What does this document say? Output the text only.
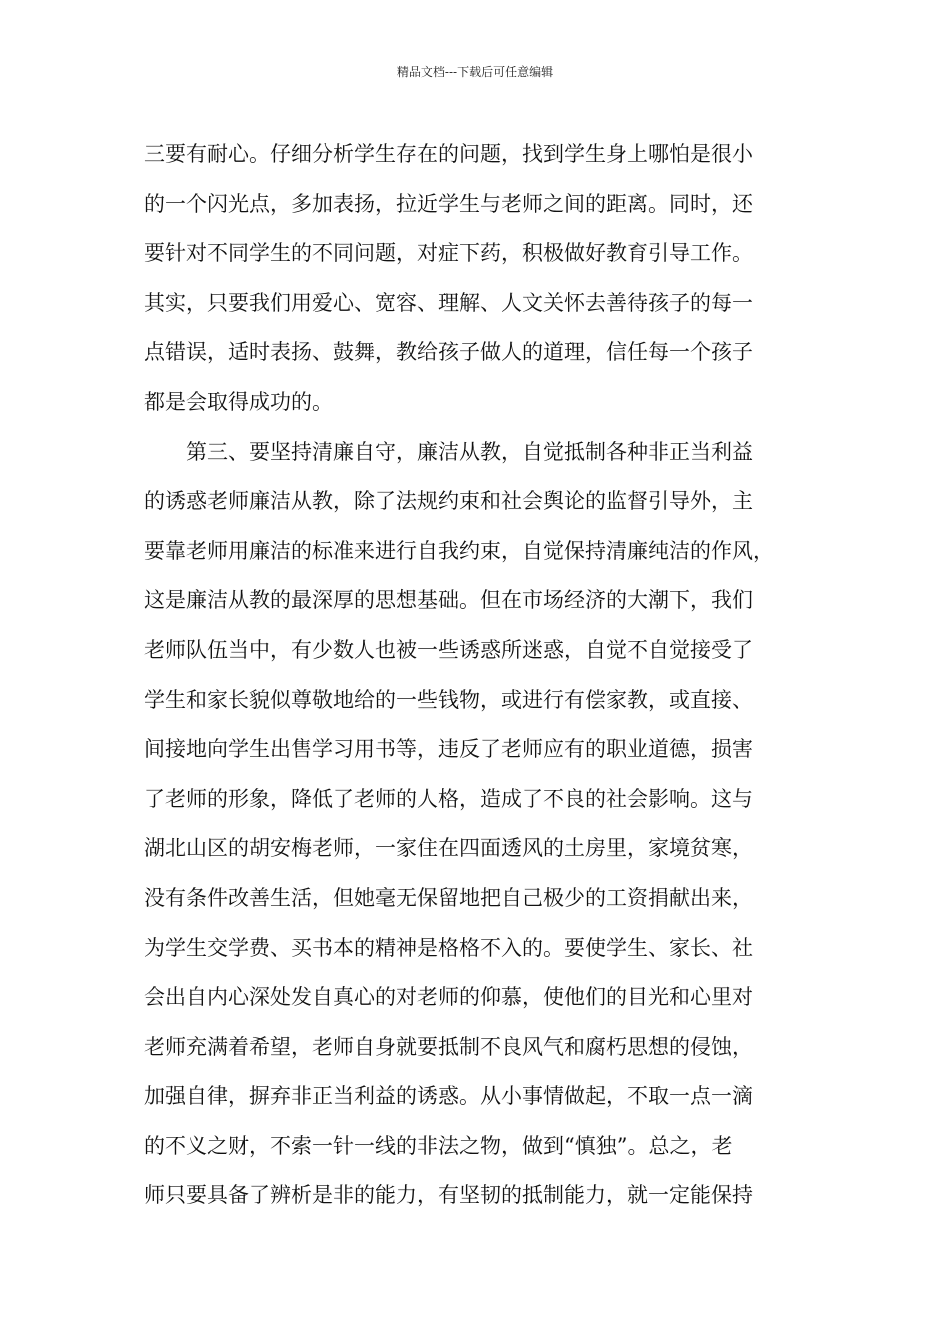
精品文档---下载后可任意编辑
三要有耐心。仔细分析学生存在的问题，找到学生身上哪怕是很小
的一个闪光点，多加表扬，拉近学生与老师之间的距离。同时，还
要针对不同学生的不同问题，对症下药，积极做好教育引导工作。
其实，只要我们用爱心、宽容、理解、人文关怀去善待孩子的每一
点错误，适时表扬、鼓舞，教给孩子做人的道理，信任每一个孩子
都是会取得成功的。
　　第三、要坚持清廉自守，廉洁从教，自觉抵制各种非正当利益
的诱惑老师廉洁从教，除了法规约束和社会舆论的监督引导外，主
要靠老师用廉洁的标准来进行自我约束，自觉保持清廉纯洁的作风，
这是廉洁从教的最深厚的思想基础。但在市场经济的大潮下，我们
老师队伍当中，有少数人也被一些诱惑所迷惑，自觉不自觉接受了
学生和家长貌似尊敬地给的一些钱物，或进行有偿家教，或直接、
间接地向学生出售学习用书等，违反了老师应有的职业道德，损害
了老师的形象，降低了老师的人格，造成了不良的社会影响。这与
湖北山区的胡安梅老师，一家住在四面透风的土房里，家境贫寒，
没有条件改善生活，但她毫无保留地把自己极少的工资捐献出来，
为学生交学费、买书本的精神是格格不入的。要使学生、家长、社
会出自内心深处发自真心的对老师的仰慕，使他们的目光和心里对
老师充满着希望，老师自身就要抵制不良风气和腐朽思想的侵蚀，
加强自律，摒弃非正当利益的诱惑。从小事情做起，不取一点一滴
的不义之财，不索一针一线的非法之物，做到“慎独”。总之，老
师只要具备了辨析是非的能力，有坚韧的抵制能力，就一定能保持
